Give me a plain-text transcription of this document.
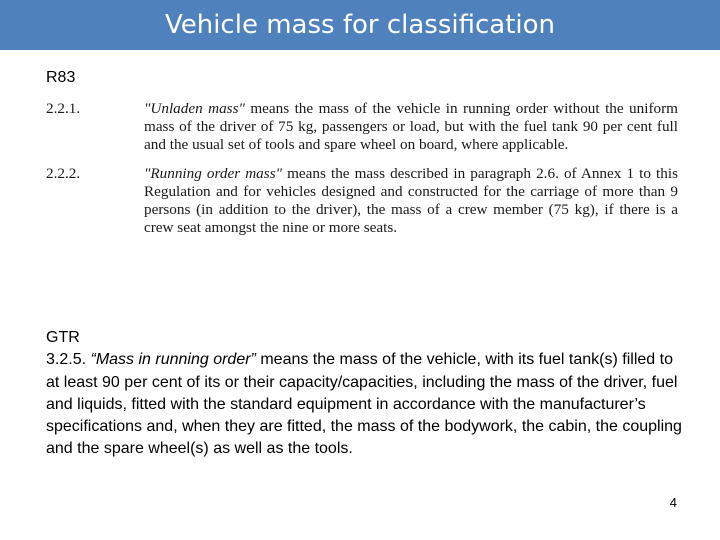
Vehicle mass for classification
R83
2.2.1.	"Unladen mass" means the mass of the vehicle in running order without the uniform mass of the driver of 75 kg, passengers or load, but with the fuel tank 90 per cent full and the usual set of tools and spare wheel on board, where applicable.
2.2.2.	"Running order mass" means the mass described in paragraph 2.6. of Annex 1 to this Regulation and for vehicles designed and constructed for the carriage of more than 9 persons (in addition to the driver), the mass of a crew member (75 kg), if there is a crew seat amongst the nine or more seats.

GTR

3.2.5. “Mass in running order” means the mass of the vehicle, with its fuel tank(s) filled to at least 90 per cent of its or their capacity/capacities, including the mass of the driver, fuel and liquids, fitted with the standard equipment in accordance with the manufacturer’s specifications and, when they are fitted, the mass of the bodywork, the cabin, the coupling and the spare wheel(s) as well as the tools.

4
